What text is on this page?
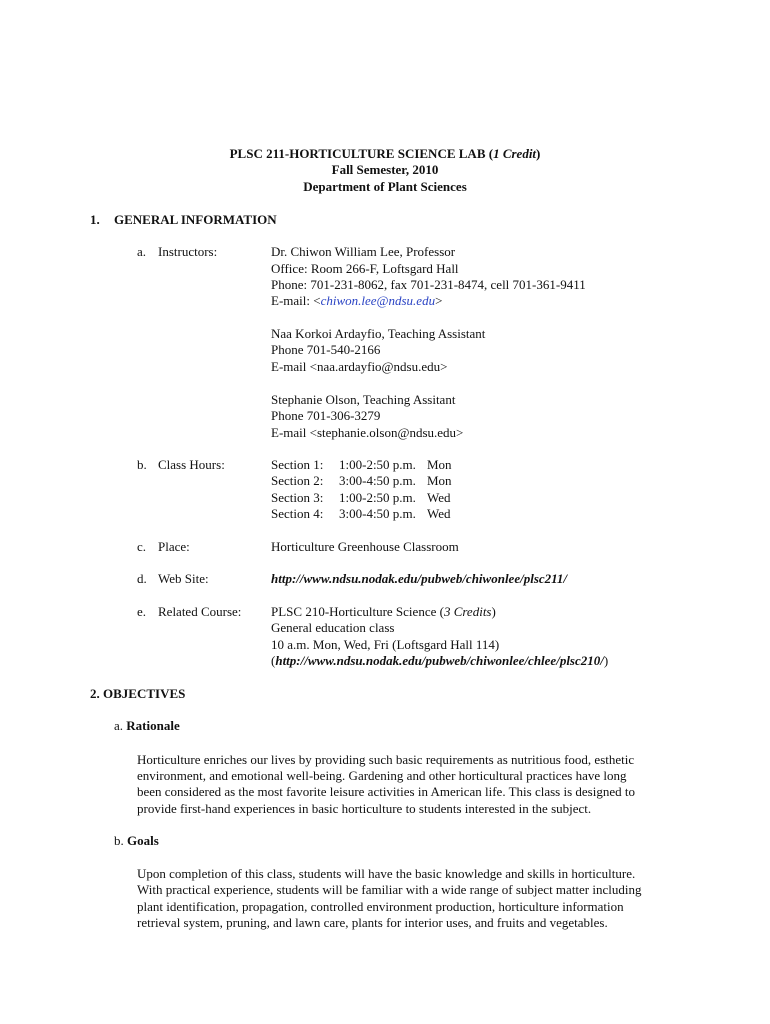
PLSC 211-HORTICULTURE SCIENCE LAB (1 Credit)
Fall Semester, 2010
Department of Plant Sciences
1. GENERAL INFORMATION
a. Instructors:	Dr. Chiwon William Lee, Professor
Office: Room 266-F, Loftsgard Hall
Phone: 701-231-8062, fax 701-231-8474, cell 701-361-9411
E-mail: <chiwon.lee@ndsu.edu>
Naa Korkoi Ardayfio, Teaching Assistant
Phone 701-540-2166
E-mail <naa.ardayfio@ndsu.edu>
Stephanie Olson, Teaching Assitant
Phone 701-306-3279
E-mail <stephanie.olson@ndsu.edu>
b. Class Hours:	Section 1: 1:00-2:50 p.m. Mon
Section 2: 3:00-4:50 p.m. Mon
Section 3: 1:00-2:50 p.m. Wed
Section 4: 3:00-4:50 p.m. Wed
c. Place:	Horticulture Greenhouse Classroom
d. Web Site:	http://www.ndsu.nodak.edu/pubweb/chiwonlee/plsc211/
e. Related Course: PLSC 210-Horticulture Science (3 Credits)
General education class
10 a.m. Mon, Wed, Fri (Loftsgard Hall 114)
(http://www.ndsu.nodak.edu/pubweb/chiwonlee/chlee/plsc210/)
2. OBJECTIVES
a. Rationale
Horticulture enriches our lives by providing such basic requirements as nutritious food, esthetic
environment, and emotional well-being. Gardening and other horticultural practices have long
been considered as the most favorite leisure activities in American life. This class is designed to
provide first-hand experiences in basic horticulture to students interested in the subject.
b. Goals
Upon completion of this class, students will have the basic knowledge and skills in horticulture.
With practical experience, students will be familiar with a wide range of subject matter including
plant identification, propagation, controlled environment production, horticulture information
retrieval system, pruning, and lawn care, plants for interior uses, and fruits and vegetables.
